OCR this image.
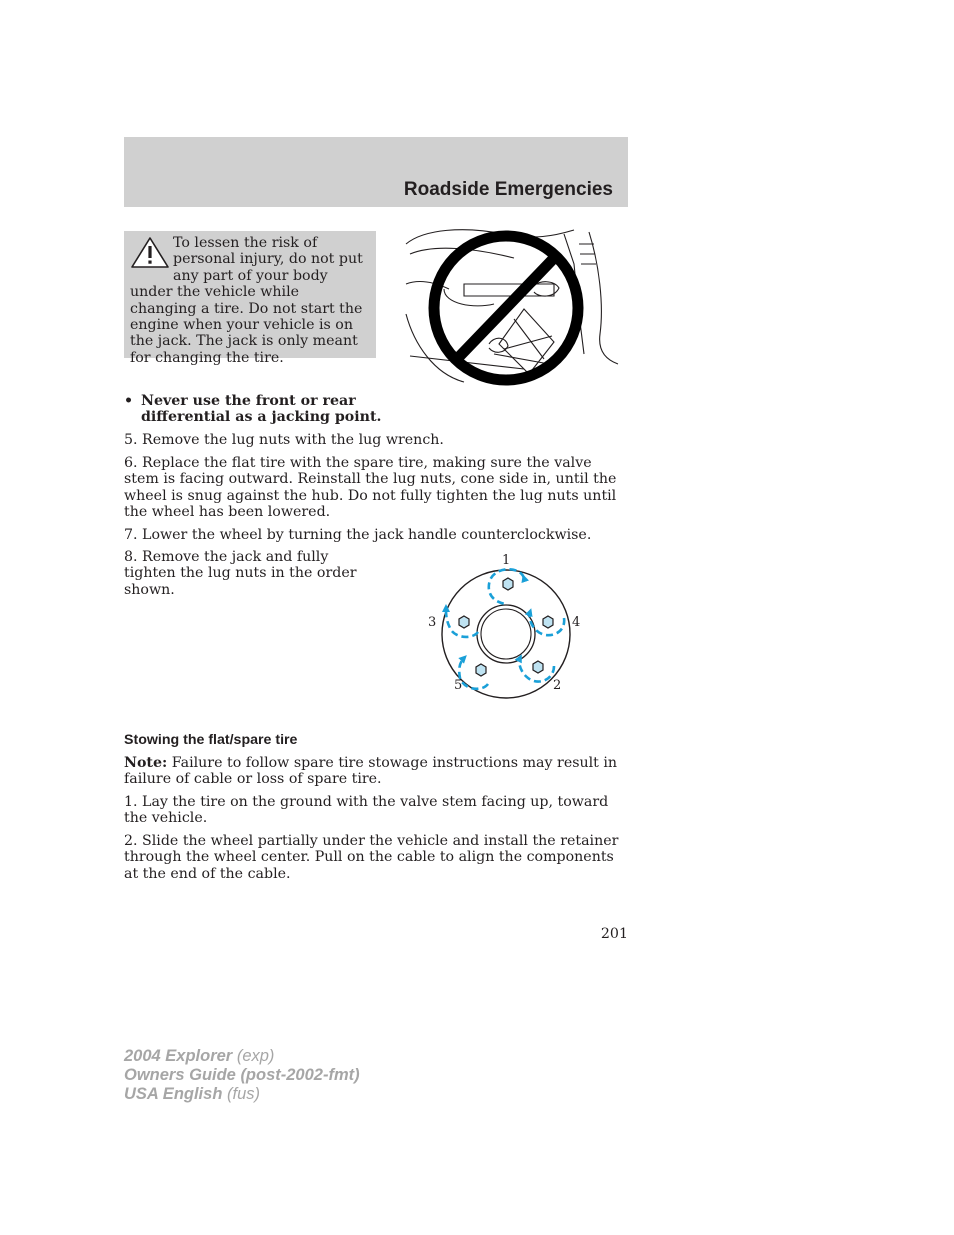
Roadside Emergencies
To lessen the risk of personal injury, do not put any part of your body under the vehicle while changing a tire. Do not start the engine when your vehicle is on the jack. The jack is only meant for changing the tire.
• Never use the front or rear differential as a jacking point.
5. Remove the lug nuts with the lug wrench.
6. Replace the flat tire with the spare tire, making sure the valve stem is facing outward. Reinstall the lug nuts, cone side in, until the wheel is snug against the hub. Do not fully tighten the lug nuts until the wheel has been lowered.
7. Lower the wheel by turning the jack handle counterclockwise.
8. Remove the jack and fully tighten the lug nuts in the order shown.
1
2
3	4
5
Stowing the flat/spare tire
Note: Failure to follow spare tire stowage instructions may result in failure of cable or loss of spare tire.
1. Lay the tire on the ground with the valve stem facing up, toward the vehicle.
2. Slide the wheel partially under the vehicle and install the retainer through the wheel center. Pull on the cable to align the components at the end of the cable.
201
2004 Explorer (exp)
Owners Guide (post-2002-fmt)
USA English (fus)
